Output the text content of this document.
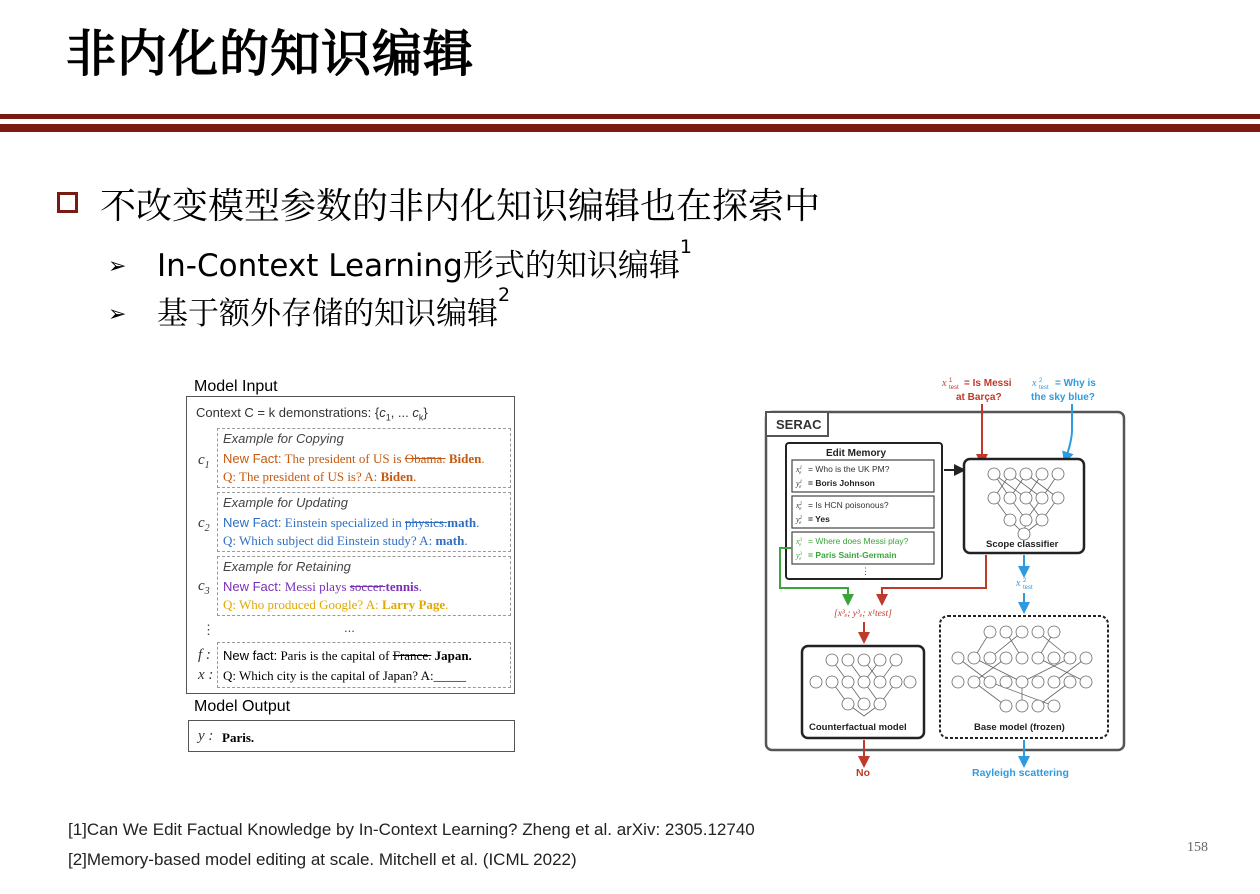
非内化的知识编辑
不改变模型参数的非内化知识编辑也在探索中
➢ In-Context Learning形式的知识编辑$^1$
➢ 基于额外存储的知识编辑$^2$
Model Input
Context C = k demonstrations: {$c_1$, ... $c_k$}
$c_1$
Example for Copying
New Fact: The president of US is Obama. Biden.
Q: The president of US is? A: Biden.
$c_2$
Example for Updating
New Fact: Einstein specialized in physics.math.
Q: Which subject did Einstein study? A: math.
$c_3$
Example for Retaining
New Fact: Messi plays soccer.tennis.
Q: Who produced Google? A: Larry Page.
⋮	...
f :
x :
New fact: Paris is the capital of France. Japan.
Q: Which city is the capital of Japan? A:_____
Model Output
y : Paris.
x 1
test = Is Messi
at Barça?
x 2
test = Why is
the sky blue?
SERAC
Edit Memory
$x^1$ e = Who is the UK PM?
$y^1$ e = Boris Johnson
$x^2$ e = Is HCN poisonous?
$y^2$ e = Yes
$x^3$ e = Where does Messi play?
$y^3$ e = Paris Saint-Germain
⋮
Scope classifier
x 2
test
[x³ₑ; y³ₑ; x¹test]
Counterfactual model	Base model (frozen)
No	Rayleigh scattering
[1]Can We Edit Factual Knowledge by In-Context Learning? Zheng et al. arXiv: 2305.12740
[2]Memory-based model editing at scale. Mitchell et al. (ICML 2022)
158
